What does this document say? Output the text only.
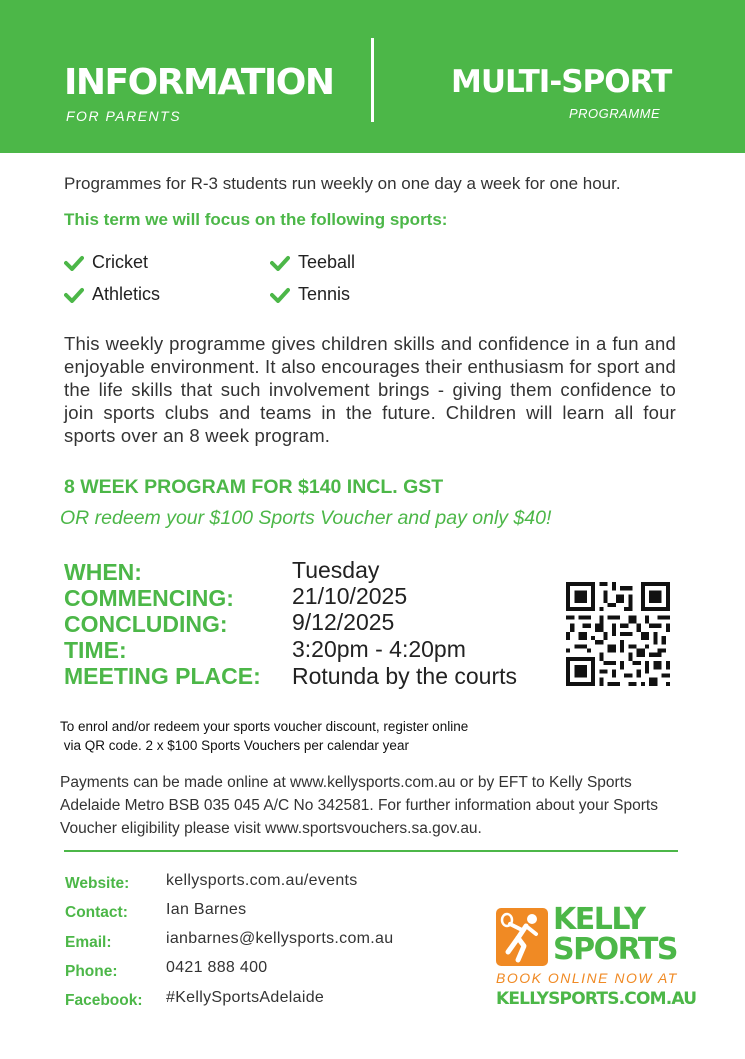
INFORMATION
FOR PARENTS
MULTI-SPORT
PROGRAMME
Programmes for R-3 students run weekly on one day a week for one hour.
This term we will focus on the following sports:
Cricket	Teeball
Athletics	Tennis
This weekly programme gives children skills and confidence in a fun and enjoyable environment. It also encourages their enthusiasm for sport and the life skills that such involvement brings - giving them confidence to join sports clubs and teams in the future. Children will learn all four sports over an 8 week program.
8 WEEK PROGRAM FOR $140 INCL. GST
OR redeem your $100 Sports Voucher and pay only $40!
WHEN:
COMMENCING:
CONCLUDING:
TIME:
MEETING PLACE:
Tuesday
21/10/2025
9/12/2025
3:20pm - 4:20pm
Rotunda by the courts
To enrol and/or redeem your sports voucher discount, register online
via QR code. 2 x $100 Sports Vouchers per calendar year
Payments can be made online at www.kellysports.com.au or by EFT to Kelly Sports Adelaide Metro BSB 035 045 A/C No 342581. For further information about your Sports Voucher eligibility please visit www.sportsvouchers.sa.gov.au.
Website:
Contact:
Email:
Phone:
Facebook:
kellysports.com.au/events
Ian Barnes
ianbarnes@kellysports.com.au
0421 888 400
#KellySportsAdelaide
KELLY
SPORTS
BOOK ONLINE NOW AT
KELLYSPORTS.COM.AU
